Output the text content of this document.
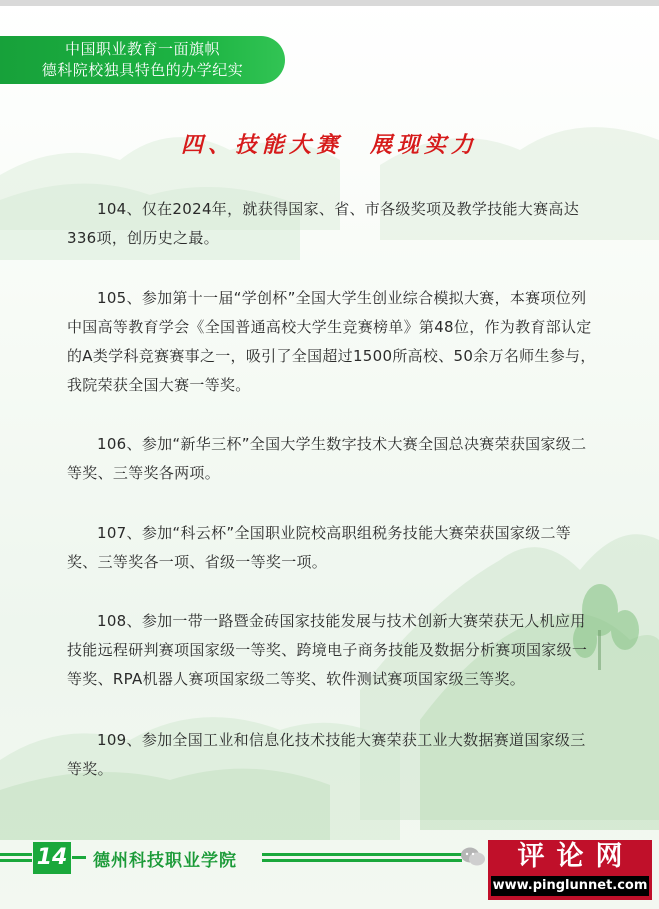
中国职业教育一面旗帜
德科院校独具特色的办学纪实
四、技能大赛　展现实力

104、仅在2024年，就获得国家、省、市各级奖项及教学技能大赛高达336项，创历史之最。

105、参加第十一届“学创杯”全国大学生创业综合模拟大赛，本赛项位列中国高等教育学会《全国普通高校大学生竞赛榜单》第48位，作为教育部认定的A类学科竞赛赛事之一，吸引了全国超过1500所高校、50余万名师生参与，我院荣获全国大赛一等奖。

106、参加“新华三杯”全国大学生数字技术大赛全国总决赛荣获国家级二等奖、三等奖各两项。

107、参加“科云杯”全国职业院校高职组税务技能大赛荣获国家级二等奖、三等奖各一项、省级一等奖一项。

108、参加一带一路暨金砖国家技能发展与技术创新大赛荣获无人机应用技能远程研判赛项国家级一等奖、跨境电子商务技能及数据分析赛项国家级一等奖、RPA机器人赛项国家级二等奖、软件测试赛项国家级三等奖。

109、参加全国工业和信息化技术技能大赛荣获工业大数据赛道国家级三等奖。

14 德州科技职业学院	评论网
www.pinglunnet.com
